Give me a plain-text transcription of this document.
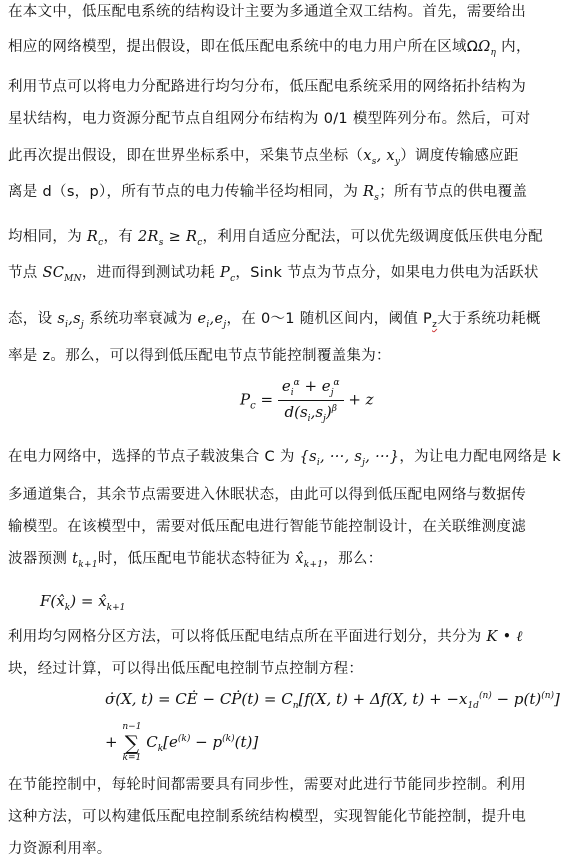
在本文中，低压配电系统的结构设计主要为多通道全双工结构。首先，需要给出
相应的网络模型，提出假设，即在低压配电系统中的电力用户所在区域$\Omega\Omega_\eta$ 内，
利用节点可以将电力分配路进行均匀分布，低压配电系统采用的网络拓扑结构为
星状结构，电力资源分配节点自组网分布结构为 0/1 模型阵列分布。然后，可对
此再次提出假设，即在世界坐标系中，采集节点坐标（$x_s$, $x_y$）调度传输感应距
离是 d（s，p），所有节点的电力传输半径均相同，为 $R_s$；所有节点的供电覆盖
均相同，为 $R_c$，有 $2R_s \ge R_c$，利用自适应分配法，可以优先级调度低压供电分配
节点 $SC_{MN}$，进而得到测试功耗 $P_c$，Sink 节点为节点分，如果电力供电为活跃状
态，设 $s_i,s_j$ 系统功率衰减为 $e_i,e_j$，在 0～1 随机区间内，阈值 $P_z$大于系统功耗概
率是 z。那么，可以得到低压配电节点节能控制覆盖集为：
$P_c = \frac{e_i^\alpha + e_j^\alpha}{d(s_i,s_j)^\beta} + z$
在电力网络中，选择的节点子载波集合 C 为 {$s_i$, ···, $s_j$, ···}，为让电力配电网络是 k
多通道集合，其余节点需要进入休眠状态，由此可以得到低压配电网络与数据传
输模型。在该模型中，需要对低压配电进行智能节能控制设计，在关联维测度滤
波器预测 $t_{k+1}$时，低压配电节能状态特征为 $x̂_{k+1}$，那么：
$F(x̂_k)$ = $x̂_{k+1}$
利用均匀网格分区方法，可以将低压配电结点所在平面进行划分，共分为 K • ℓ
块，经过计算，可以得出低压配电控制节点控制方程：
σ̇(X, t) = CĖ − CṖ(t) = $C_n[f(X$, t) + Δf(X, $t) + -x_{1d}^{(n)} - p(t)^{(n)}$]
+
n−1
∑
k=1
$C_k[e^{(k)} - p^{(k)}(t)]$
在节能控制中，每轮时间都需要具有同步性，需要对此进行节能同步控制。利用
这种方法，可以构建低压配电控制系统结构模型，实现智能化节能控制，提升电
力资源利用率。
